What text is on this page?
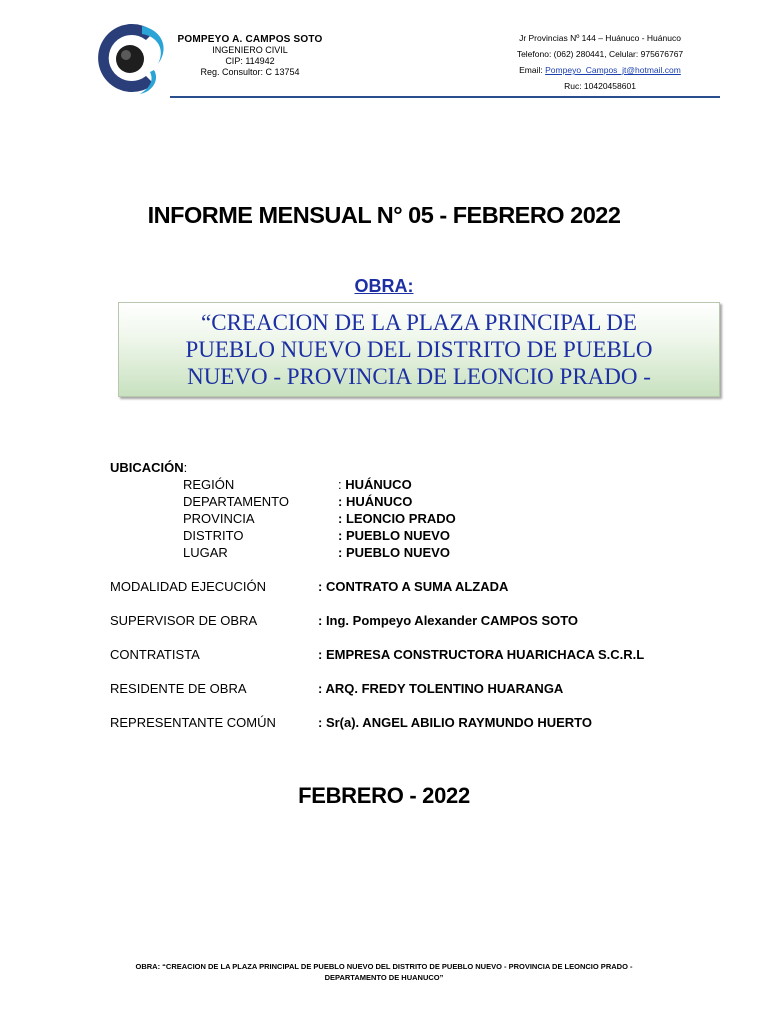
POMPEYO A. CAMPOS SOTO
INGENIERO CIVIL
CIP: 114942
Reg. Consultor: C 13754
Jr Provincias Nº 144 – Huánuco - Huánuco
Telefono: (062) 280441, Celular: 975676767
Email: Pompeyo_Campos_jt@hotmail.com
Ruc: 10420458601
INFORME MENSUAL N° 05 - FEBRERO 2022
OBRA:
“CREACION DE LA PLAZA PRINCIPAL DE
PUEBLO NUEVO DEL DISTRITO DE PUEBLO
NUEVO - PROVINCIA DE LEONCIO PRADO -
UBICACIÓN:
REGIÓN	: HUÁNUCO
DEPARTAMENTO	: HUÁNUCO
PROVINCIA	: LEONCIO PRADO
DISTRITO	: PUEBLO NUEVO
LUGAR	: PUEBLO NUEVO
MODALIDAD EJECUCIÓN	: CONTRATO A SUMA ALZADA
SUPERVISOR DE OBRA	: Ing. Pompeyo Alexander CAMPOS SOTO
CONTRATISTA	: EMPRESA CONSTRUCTORA HUARICHACA S.C.R.L
RESIDENTE DE OBRA	: ARQ. FREDY TOLENTINO HUARANGA
REPRESENTANTE COMÚN	: Sr(a). ANGEL ABILIO RAYMUNDO HUERTO
FEBRERO - 2022
OBRA: “CREACION DE LA PLAZA PRINCIPAL DE PUEBLO NUEVO DEL DISTRITO DE PUEBLO NUEVO - PROVINCIA DE LEONCIO PRADO -
DEPARTAMENTO DE HUANUCO”
